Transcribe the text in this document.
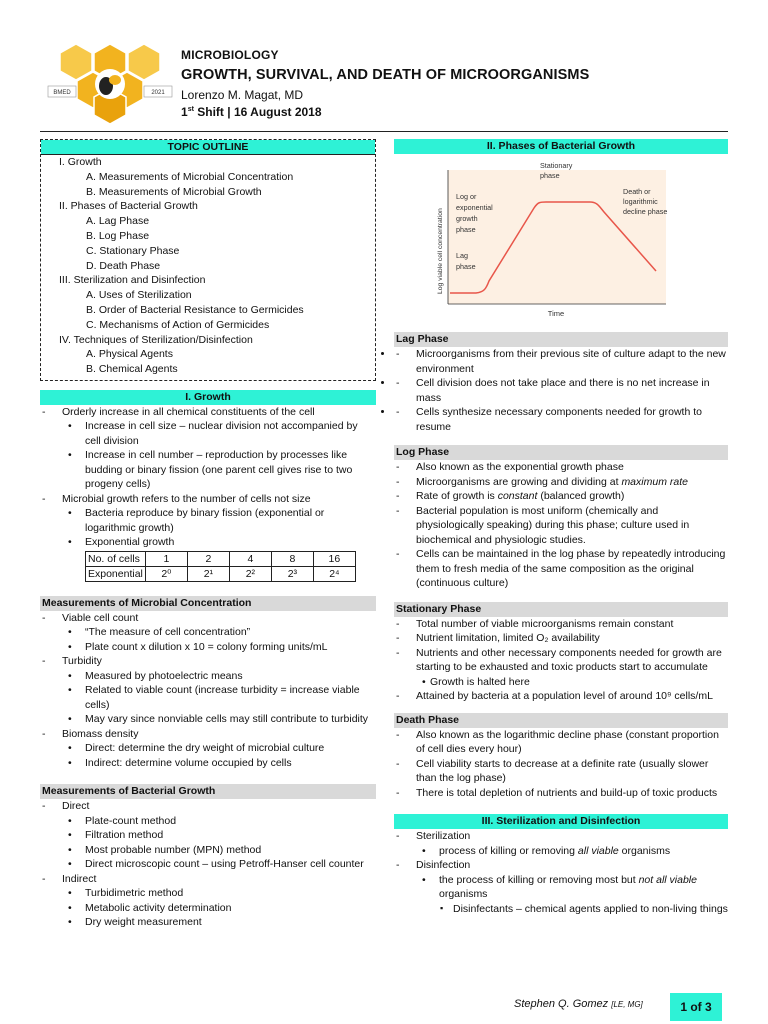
BMED	2021
MICROBIOLOGY
GROWTH, SURVIVAL, AND DEATH OF MICROORGANISMS
Lorenzo M. Magat, MD
1st Shift | 16 August 2018
TOPIC OUTLINE
I. Growth
A. Measurements of Microbial Concentration
B. Measurements of Microbial Growth
II. Phases of Bacterial Growth
A. Lag Phase
B. Log Phase
C. Stationary Phase
D. Death Phase
III. Sterilization and Disinfection
A. Uses of Sterilization
B. Order of Bacterial Resistance to Germicides
C. Mechanisms of Action of Germicides
IV. Techniques of Sterilization/Disinfection
A. Physical Agents
B. Chemical Agents
I. Growth
- Orderly increase in all chemical constituents of the cell
• Increase in cell size – nuclear division not accompanied by cell division
• Increase in cell number – reproduction by processes like budding or binary fission (one parent cell gives rise to two progeny cells)
- Microbial growth refers to the number of cells not size
• Bacteria reproduce by binary fission (exponential or logarithmic growth)
• Exponential growth
No. of cells	1	2	4	8	16
Exponential	2⁰	2¹	2²	2³	2⁴
Measurements of Microbial Concentration
- Viable cell count
• “The measure of cell concentration”
• Plate count x dilution x 10 = colony forming units/mL
- Turbidity
• Measured by photoelectric means
• Related to viable count (increase turbidity = increase viable cells)
• May vary since nonviable cells may still contribute to turbidity
- Biomass density
• Direct: determine the dry weight of microbial culture
• Indirect: determine volume occupied by cells
Measurements of Bacterial Growth
- Direct
• Plate-count method
• Filtration method
• Most probable number (MPN) method
• Direct microscopic count – using Petroff-Hanser cell counter
- Indirect
• Turbidimetric method
• Metabolic activity determination
• Dry weight measurement
II. Phases of Bacterial Growth
Log viable cell concentration
Time
Stationary phase
Log or exponential growth phase
Lag phase
Death or logarithmic decline phase
Lag Phase
- • Microorganisms from their previous site of culture adapt to the new environment
- • Cell division does not take place and there is no net increase in mass
- • Cells synthesize necessary components needed for growth to resume
Log Phase
- Also known as the exponential growth phase
- Microorganisms are growing and dividing at maximum rate
- Rate of growth is constant (balanced growth)
- Bacterial population is most uniform (chemically and physiologically speaking) during this phase; culture used in biochemical and physiologic studies.
- Cells can be maintained in the log phase by repeatedly introducing them to fresh media of the same composition as the original (continuous culture)
Stationary Phase
- Total number of viable microorganisms remain constant
- Nutrient limitation, limited O₂ availability
- Nutrients and other necessary components needed for growth are starting to be exhausted and toxic products start to accumulate
• Growth is halted here
- Attained by bacteria at a population level of around 10⁹ cells/mL
Death Phase
- Also known as the logarithmic decline phase (constant proportion of cell dies every hour)
- Cell viability starts to decrease at a definite rate (usually slower than the log phase)
- There is total depletion of nutrients and build-up of toxic products
III. Sterilization and Disinfection
- Sterilization
• process of killing or removing all viable organisms
- Disinfection
• the process of killing or removing most but not all viable organisms
▪ Disinfectants – chemical agents applied to non-living things
Stephen Q. Gomez [LE, MG]	1 of 3
